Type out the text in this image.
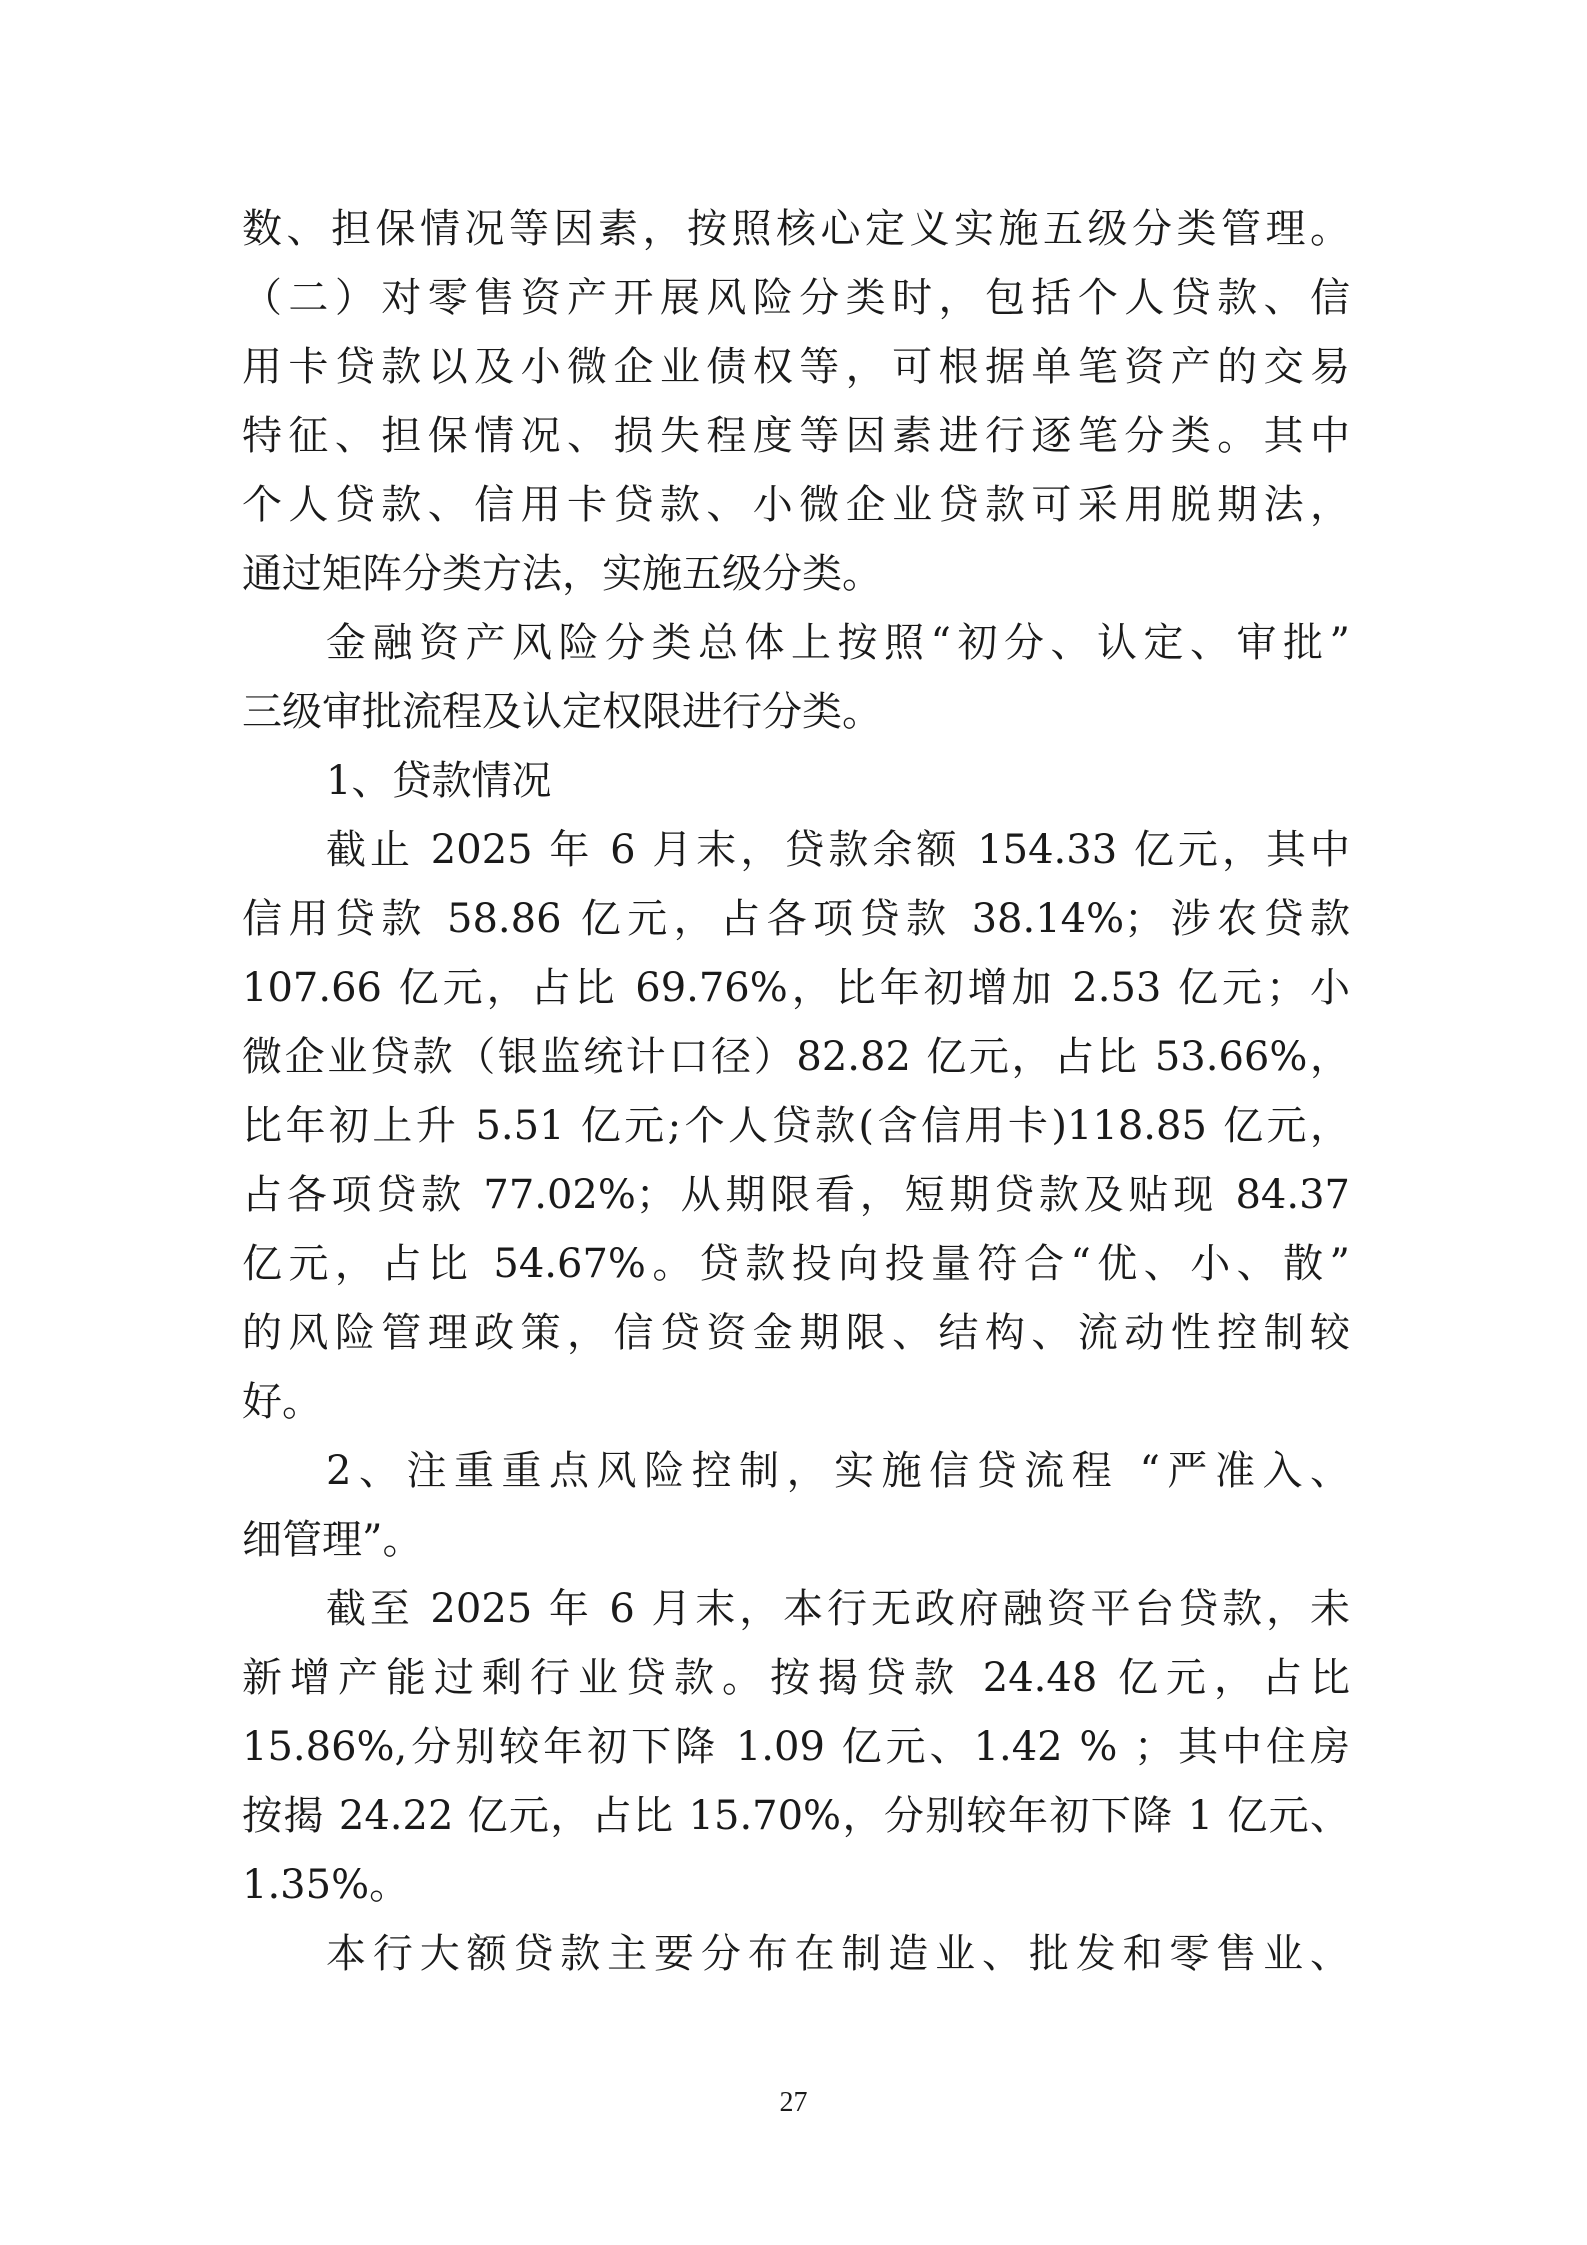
数、担保情况等因素，按照核心定义实施五级分类管理。
（二）对零售资产开展风险分类时，包括个人贷款、信
用卡贷款以及小微企业债权等，可根据单笔资产的交易
特征、担保情况、损失程度等因素进行逐笔分类。其中
个人贷款、信用卡贷款、小微企业贷款可采用脱期法，
通过矩阵分类方法，实施五级分类。
金融资产风险分类总体上按照“初分、认定、审批”
三级审批流程及认定权限进行分类。
1、贷款情况
截止 2025 年 6 月末，贷款余额 154.33 亿元，其中
信用贷款 58.86 亿元，占各项贷款 38.14%；涉农贷款
107.66 亿元，占比 69.76%，比年初增加 2.53 亿元；小
微企业贷款（银监统计口径）82.82 亿元，占比 53.66%，
比年初上升 5.51 亿元;个人贷款(含信用卡)118.85 亿元，
占各项贷款 77.02%；从期限看，短期贷款及贴现 84.37
亿元，占比 54.67%。贷款投向投量符合“优、小、散”
的风险管理政策，信贷资金期限、结构、流动性控制较
好。
2、注重重点风险控制，实施信贷流程 “严准入、
细管理”。
截至 2025 年 6 月末，本行无政府融资平台贷款，未
新增产能过剩行业贷款。按揭贷款 24.48 亿元，占比
15.86%,分别较年初下降 1.09 亿元、1.42 % ；其中住房
按揭 24.22 亿元，占比 15.70%，分别较年初下降 1 亿元、
1.35%。
本行大额贷款主要分布在制造业、批发和零售业、
27
